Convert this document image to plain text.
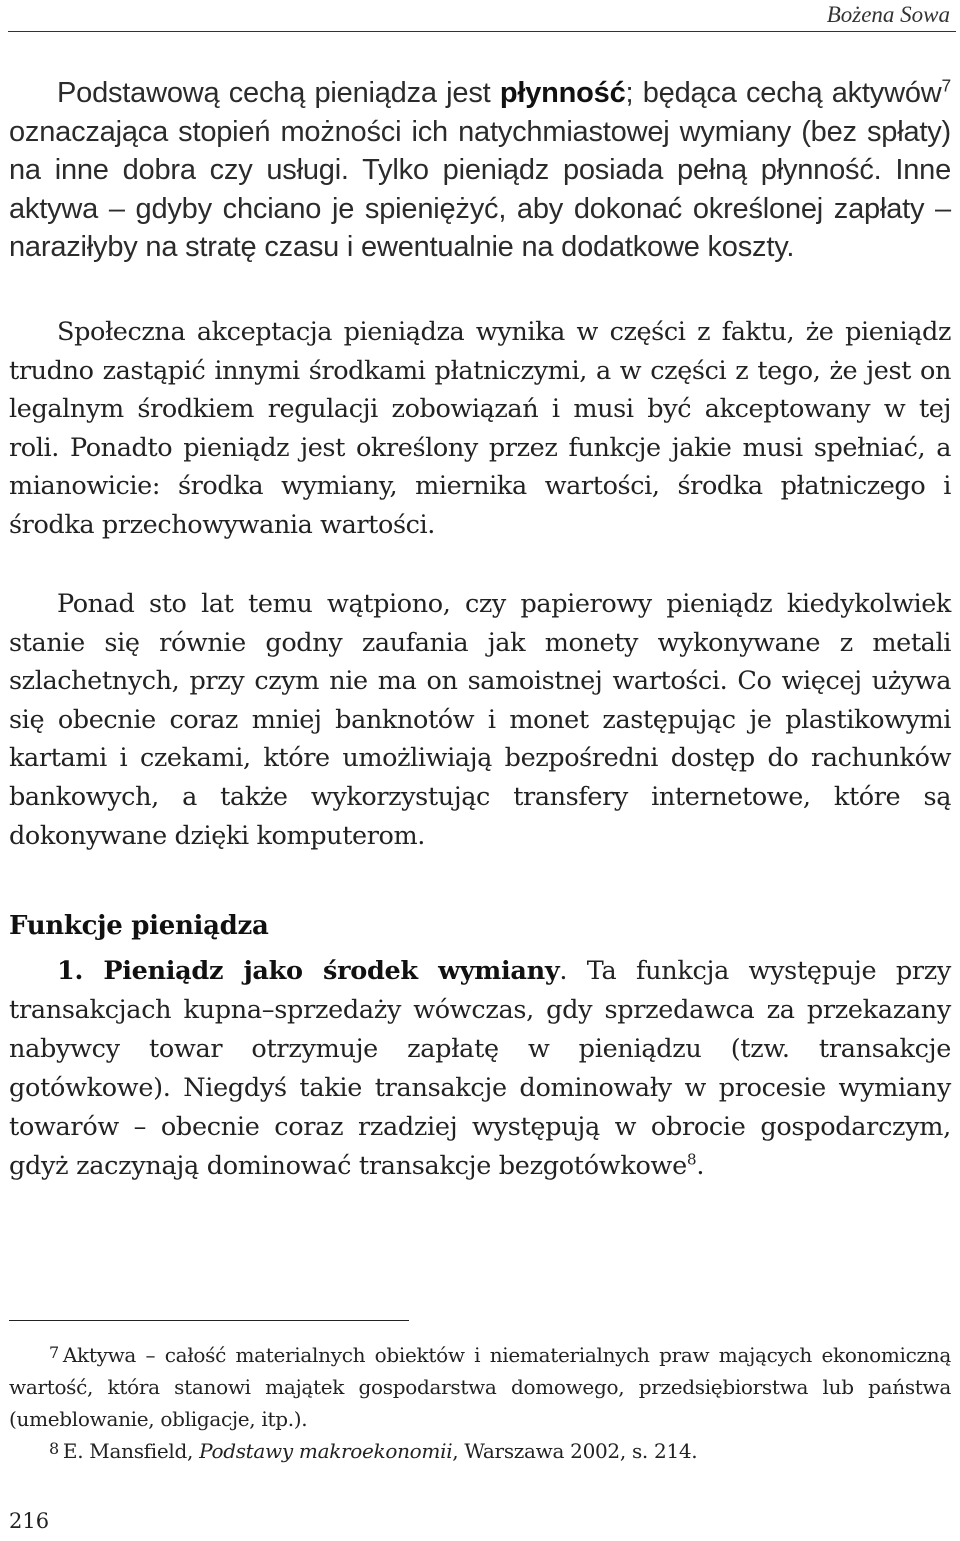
Bożena Sowa

Podstawową cechą pieniądza jest płynność; będąca cechą aktywów$^7$ oznaczająca stopień możności ich natychmiastowej wymiany (bez spłaty) na inne dobra czy usługi. Tylko pieniądz posiada pełną płynność. Inne aktywa – gdyby chciano je spieniężyć, aby dokonać określonej zapłaty – naraziłyby na stratę czasu i ewentualnie na dodatkowe koszty.

Społeczna akceptacja pieniądza wynika w części z faktu, że pieniądz trudno zastąpić innymi środkami płatniczymi, a w części z tego, że jest on legalnym środkiem regulacji zobowiązań i musi być akceptowany w tej roli. Ponadto pieniądz jest określony przez funkcje jakie musi spełniać, a mianowicie: środka wymiany, miernika wartości, środka płatniczego i środka przechowywania wartości.

Ponad sto lat temu wątpiono, czy papierowy pieniądz kiedykolwiek stanie się równie godny zaufania jak monety wykonywane z metali szlachetnych, przy czym nie ma on samoistnej wartości. Co więcej używa się obecnie coraz mniej banknotów i monet zastępując je plastikowymi kartami i czekami, które umożliwiają bezpośredni dostęp do rachunków bankowych, a także wykorzystując transfery internetowe, które są dokonywane dzięki komputerom.

Funkcje pieniądza

1. Pieniądz jako środek wymiany. Ta funkcja występuje przy transakcjach kupna–sprzedaży wówczas, gdy sprzedawca za przekazany nabywcy towar otrzymuje zapłatę w pieniądzu (tzw. transakcje gotówkowe). Niegdyś takie transakcje dominowały w procesie wymiany towarów – obecnie coraz rzadziej występują w obrocie gospodarczym, gdyż zaczynają dominować transakcje bezgotówkowe$^8$.

$^7$ Aktywa – całość materialnych obiektów i niematerialnych praw mających ekonomiczną wartość, która stanowi majątek gospodarstwa domowego, przedsiębiorstwa lub państwa (umeblowanie, obligacje, itp.).

$^8$ E. Mansfield, Podstawy makroekonomii, Warszawa 2002, s. 214.

216
